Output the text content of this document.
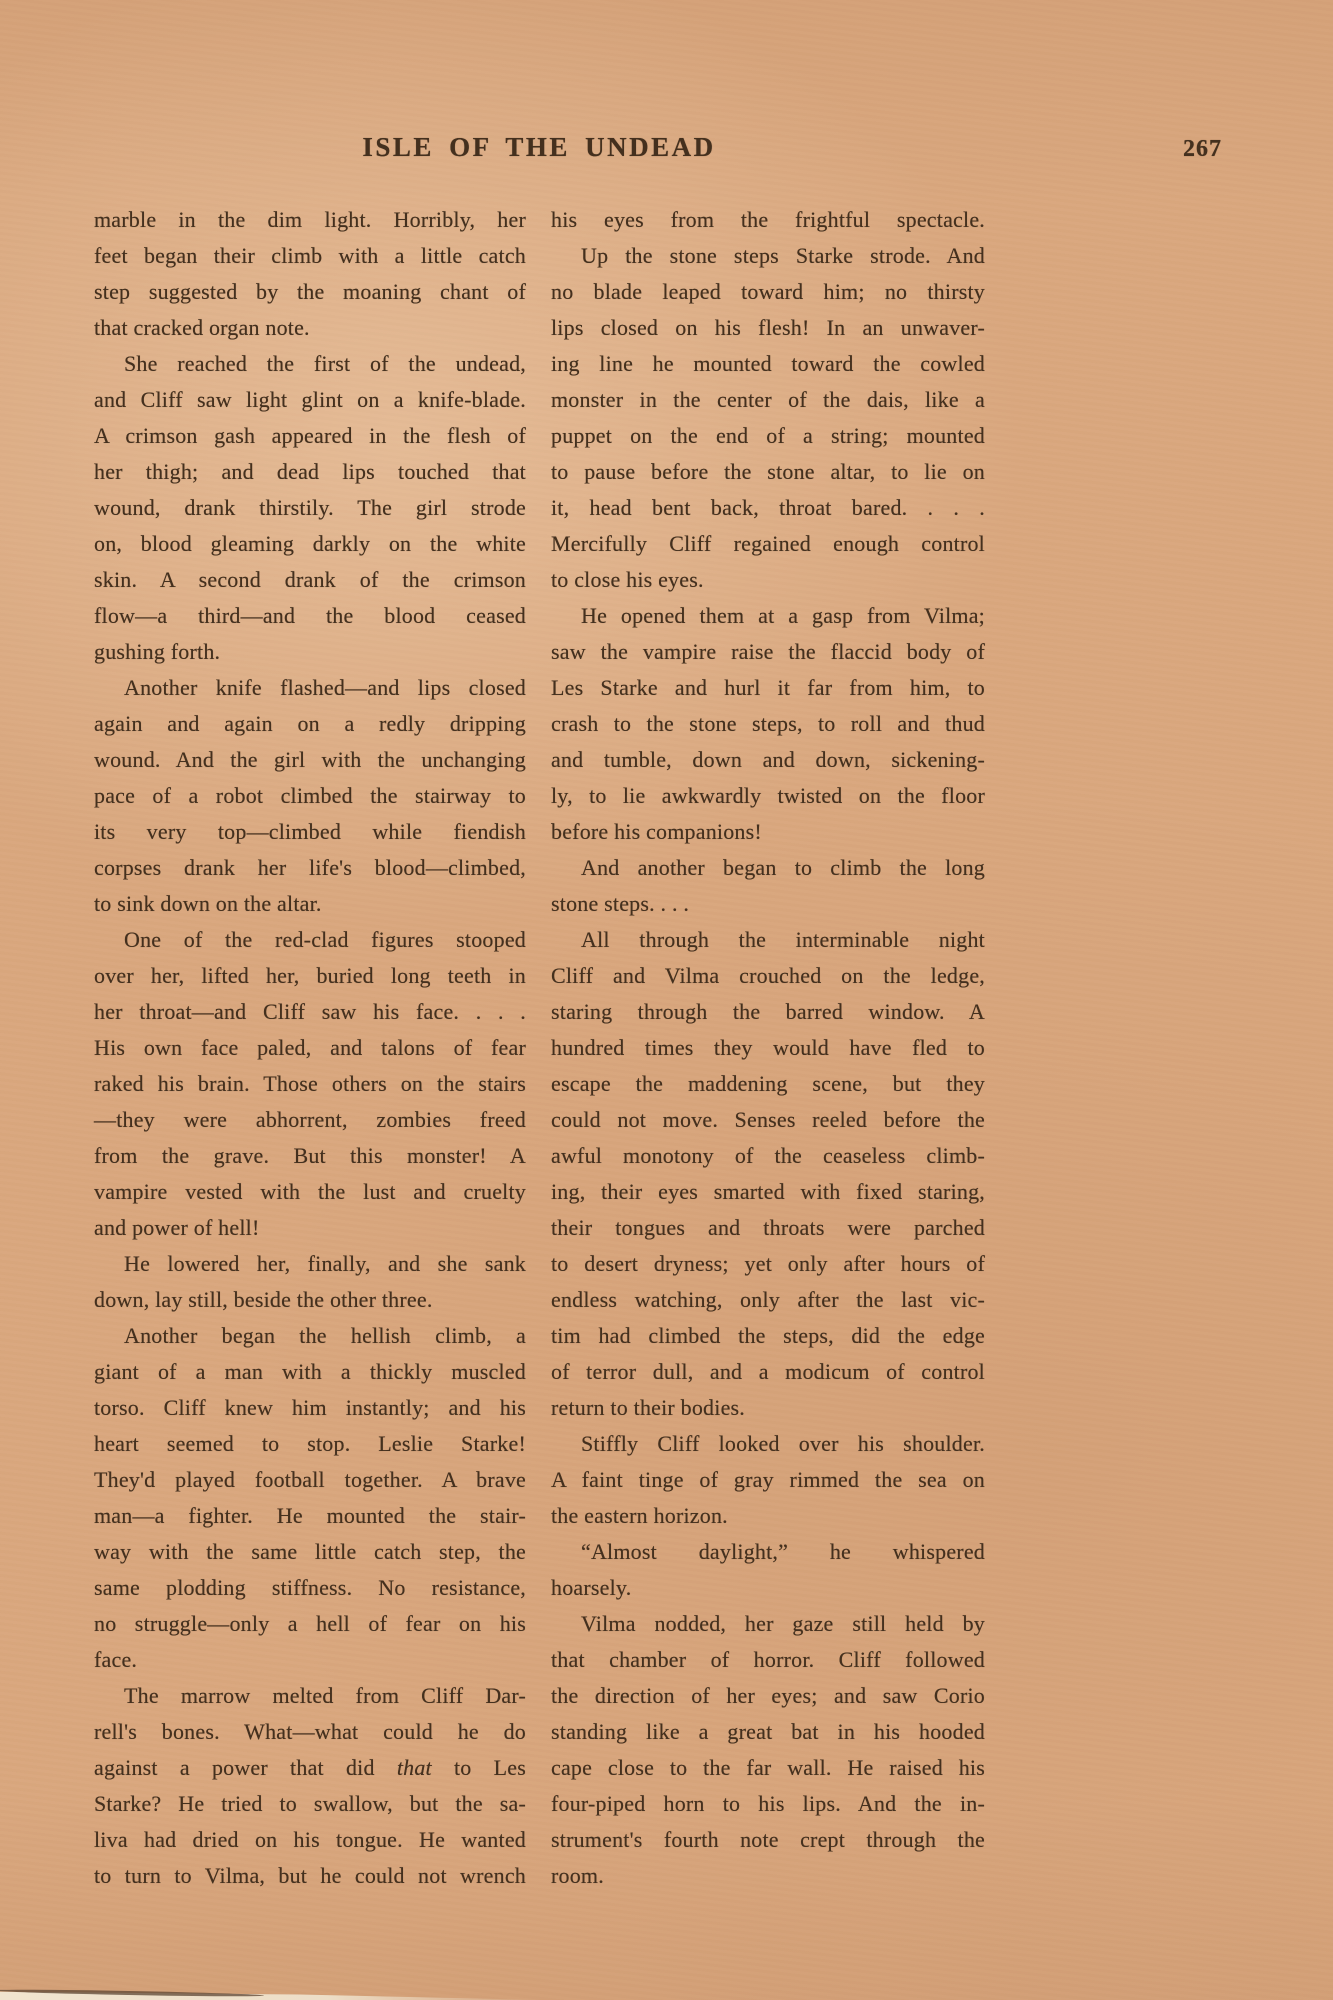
ISLE OF THE UNDEAD	267
marble in the dim light. Horribly, her
feet began their climb with a little catch
step suggested by the moaning chant of
that cracked organ note.
She reached the first of the undead,
and Cliff saw light glint on a knife-blade.
A crimson gash appeared in the flesh of
her thigh; and dead lips touched that
wound, drank thirstily. The girl strode
on, blood gleaming darkly on the white
skin. A second drank of the crimson
flow—a third—and the blood ceased
gushing forth.
Another knife flashed—and lips closed
again and again on a redly dripping
wound. And the girl with the unchanging
pace of a robot climbed the stairway to
its very top—climbed while fiendish
corpses drank her life's blood—climbed,
to sink down on the altar.
One of the red-clad figures stooped
over her, lifted her, buried long teeth in
her throat—and Cliff saw his face. . . .
His own face paled, and talons of fear
raked his brain. Those others on the stairs
—they were abhorrent, zombies freed
from the grave. But this monster! A
vampire vested with the lust and cruelty
and power of hell!
He lowered her, finally, and she sank
down, lay still, beside the other three.
Another began the hellish climb, a
giant of a man with a thickly muscled
torso. Cliff knew him instantly; and his
heart seemed to stop. Leslie Starke!
They'd played football together. A brave
man—a fighter. He mounted the stair-
way with the same little catch step, the
same plodding stiffness. No resistance,
no struggle—only a hell of fear on his
face.
The marrow melted from Cliff Dar-
rell's bones. What—what could he do
against a power that did that to Les
Starke? He tried to swallow, but the sa-
liva had dried on his tongue. He wanted
to turn to Vilma, but he could not wrench
his eyes from the frightful spectacle.
Up the stone steps Starke strode. And
no blade leaped toward him; no thirsty
lips closed on his flesh! In an unwaver-
ing line he mounted toward the cowled
monster in the center of the dais, like a
puppet on the end of a string; mounted
to pause before the stone altar, to lie on
it, head bent back, throat bared. . . .
Mercifully Cliff regained enough control
to close his eyes.
He opened them at a gasp from Vilma;
saw the vampire raise the flaccid body of
Les Starke and hurl it far from him, to
crash to the stone steps, to roll and thud
and tumble, down and down, sickening-
ly, to lie awkwardly twisted on the floor
before his companions!
And another began to climb the long
stone steps. . . .
All through the interminable night
Cliff and Vilma crouched on the ledge,
staring through the barred window. A
hundred times they would have fled to
escape the maddening scene, but they
could not move. Senses reeled before the
awful monotony of the ceaseless climb-
ing, their eyes smarted with fixed staring,
their tongues and throats were parched
to desert dryness; yet only after hours of
endless watching, only after the last vic-
tim had climbed the steps, did the edge
of terror dull, and a modicum of control
return to their bodies.
Stiffly Cliff looked over his shoulder.
A faint tinge of gray rimmed the sea on
the eastern horizon.
“Almost daylight,” he whispered
hoarsely.
Vilma nodded, her gaze still held by
that chamber of horror. Cliff followed
the direction of her eyes; and saw Corio
standing like a great bat in his hooded
cape close to the far wall. He raised his
four-piped horn to his lips. And the in-
strument's fourth note crept through the
room.
